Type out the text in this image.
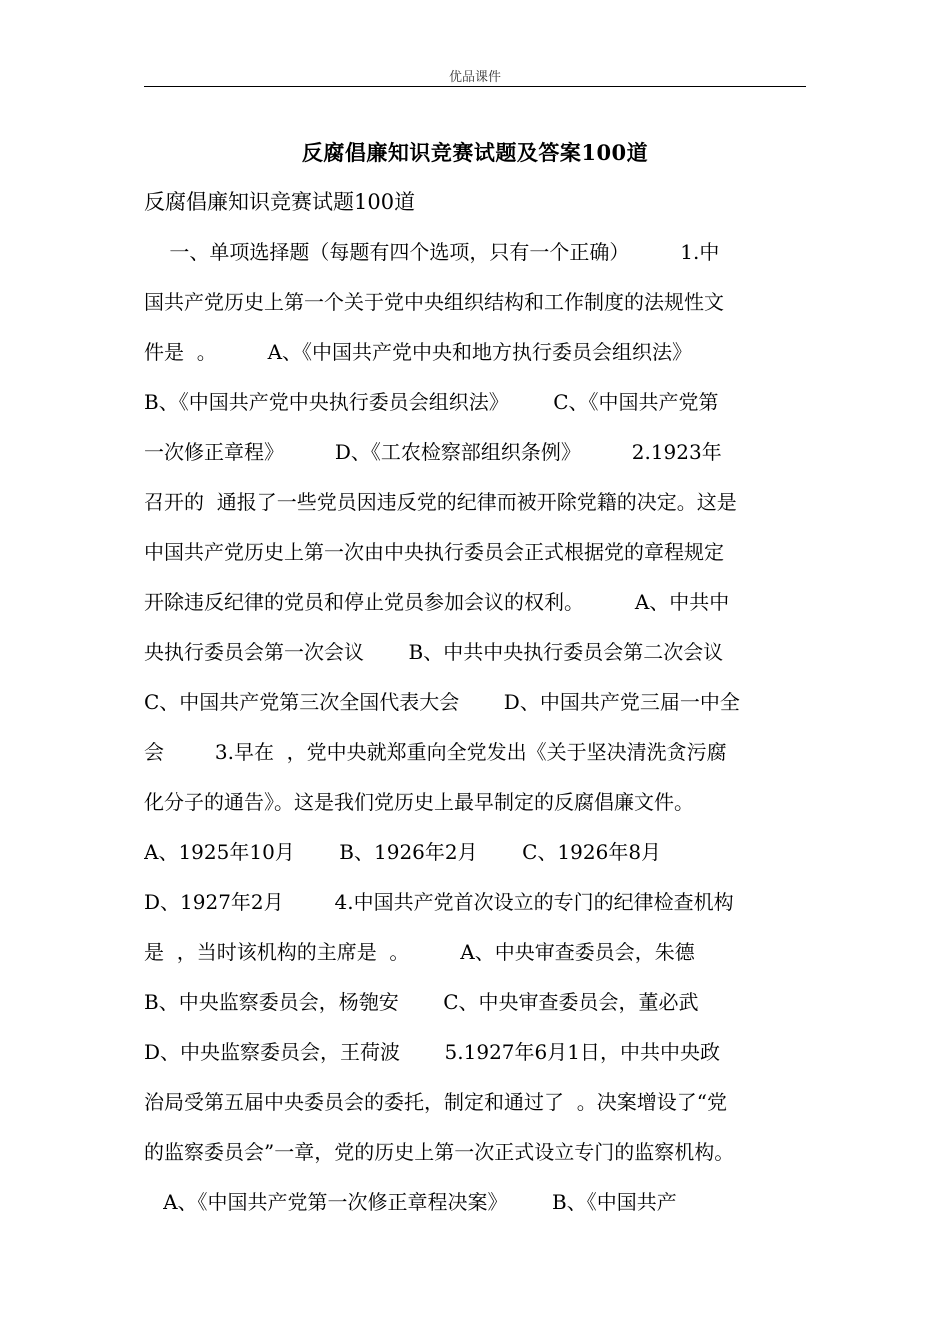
优品课件
反腐倡廉知识竞赛试题及答案100道
反腐倡廉知识竞赛试题100道
一、单项选择题（每题有四个选项，只有一个正确）        1.中
国共产党历史上第一个关于党中央组织结构和工作制度的法规性文
件是  。        A、《中国共产党中央和地方执行委员会组织法》
B、《中国共产党中央执行委员会组织法》       C、《中国共产党第
一次修正章程》        D、《工农检察部组织条例》        2.1923年
召开的  通报了一些党员因违反党的纪律而被开除党籍的决定。这是
中国共产党历史上第一次由中央执行委员会正式根据党的章程规定
开除违反纪律的党员和停止党员参加会议的权利。        A、中共中
央执行委员会第一次会议       B、中共中央执行委员会第二次会议
C、中国共产党第三次全国代表大会       D、中国共产党三届一中全
会        3.早在  ，党中央就郑重向全党发出《关于坚决清洗贪污腐
化分子的通告》。这是我们党历史上最早制定的反腐倡廉文件。
A、1925年10月       B、1926年2月       C、1926年8月
D、1927年2月        4.中国共产党首次设立的专门的纪律检查机构
是  ，当时该机构的主席是  。        A、中央审查委员会，朱德
B、中央监察委员会，杨匏安       C、中央审查委员会，董必武
D、中央监察委员会，王荷波       5.1927年6月1日，中共中央政
治局受第五届中央委员会的委托，制定和通过了  。决案增设了“党
的监察委员会”一章，党的历史上第一次正式设立专门的监察机构。
A、《中国共产党第一次修正章程决案》       B、《中国共产
